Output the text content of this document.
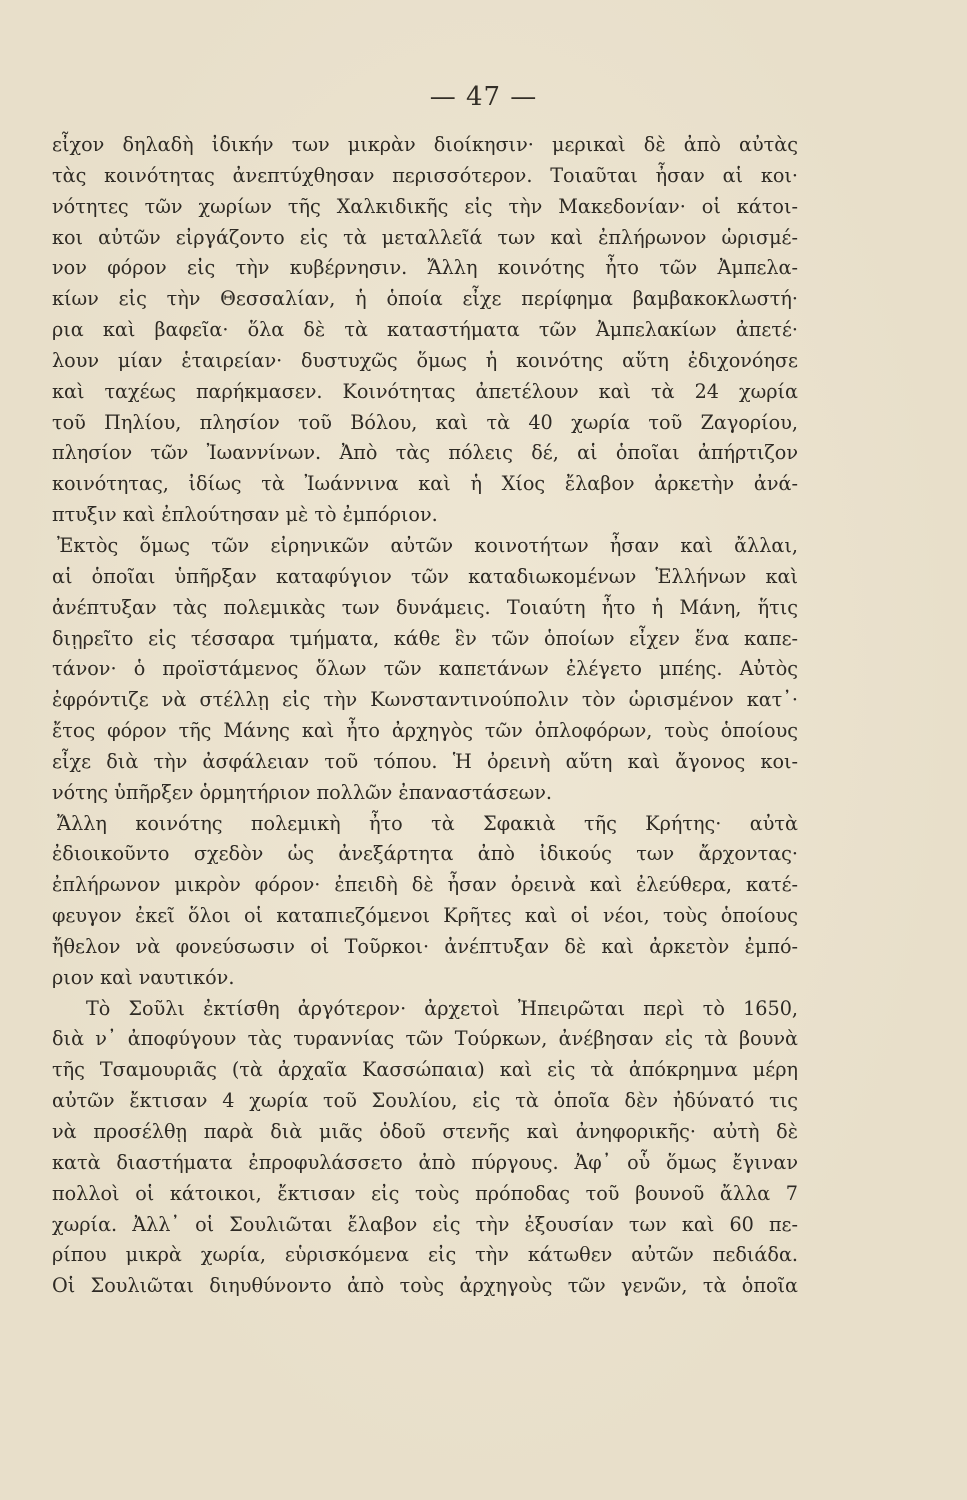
— 47 —
εἶχον δηλαδὴ ἰδικήν των μικρὰν διοίκησιν· μερικαὶ δὲ ἀπὸ αὐτὰς
τὰς κοινότητας ἀνεπτύχθησαν περισσότερον. Τοιαῦται ἦσαν αἱ κοι·
νότητες τῶν χωρίων τῆς Χαλκιδικῆς εἰς τὴν Μακεδονίαν· οἱ κάτοι-
κοι αὐτῶν εἰργάζοντο εἰς τὰ μεταλλεῖά των καὶ ἐπλήρωνον ὡρισμέ-
νον φόρον εἰς τὴν κυβέρνησιν. Ἄλλη κοινότης ἦτο τῶν Ἀμπελα-
κίων εἰς τὴν Θεσσαλίαν, ἡ ὁποία εἶχε περίφημα βαμβακοκλωστή·
ρια καὶ βαφεῖα· ὅλα δὲ τὰ καταστήματα τῶν Ἀμπελακίων ἀπετέ·
λουν μίαν ἑταιρείαν· δυστυχῶς ὅμως ἡ κοινότης αὕτη ἐδιχονόησε
καὶ ταχέως παρήκμασεν. Κοινότητας ἀπετέλουν καὶ τὰ 24 χωρία
τοῦ Πηλίου, πλησίον τοῦ Βόλου, καὶ τὰ 40 χωρία τοῦ Ζαγορίου,
πλησίον τῶν Ἰωαννίνων. Ἀπὸ τὰς πόλεις δέ, αἱ ὁποῖαι ἀπήρτιζον
κοινότητας, ἰδίως τὰ Ἰωάννινα καὶ ἡ Χίος ἔλαβον ἀρκετὴν ἀνά-
πτυξιν καὶ ἐπλούτησαν μὲ τὸ ἐμπόριον.
Ἐκτὸς ὅμως τῶν εἰρηνικῶν αὐτῶν κοινοτήτων ἦσαν καὶ ἄλλαι,
αἱ ὁποῖαι ὑπῆρξαν καταφύγιον τῶν καταδιωκομένων Ἑλλήνων καὶ
ἀνέπτυξαν τὰς πολεμικὰς των δυνάμεις. Τοιαύτη ἦτο ἡ Μάνη, ἥτις
διῃρεῖτο εἰς τέσσαρα τμήματα, κάθε ἓν τῶν ὁποίων εἶχεν ἕνα καπε-
τάνον· ὁ προϊστάμενος ὅλων τῶν καπετάνων ἐλέγετο μπέης. Αὐτὸς
ἐφρόντιζε νὰ στέλλῃ εἰς τὴν Κωνσταντινούπολιν τὸν ὡρισμένον κατ᾽·
ἔτος φόρον τῆς Μάνης καὶ ἦτο ἀρχηγὸς τῶν ὁπλοφόρων, τοὺς ὁποίους
εἶχε διὰ τὴν ἀσφάλειαν τοῦ τόπου. Ἡ ὀρεινὴ αὕτη καὶ ἄγονος κοι-
νότης ὑπῆρξεν ὁρμητήριον πολλῶν ἐπαναστάσεων.
Ἄλλη κοινότης πολεμικὴ ἦτο τὰ Σφακιὰ τῆς Κρήτης· αὐτὰ
ἐδιοικοῦντο σχεδὸν ὡς ἀνεξάρτητα ἀπὸ ἰδικούς των ἄρχοντας·
ἐπλήρωνον μικρὸν φόρον· ἐπειδὴ δὲ ἦσαν ὀρεινὰ καὶ ἐλεύθερα, κατέ-
φευγον ἐκεῖ ὅλοι οἱ καταπιεζόμενοι Κρῆτες καὶ οἱ νέοι, τοὺς ὁποίους
ἤθελον νὰ φονεύσωσιν οἱ Τοῦρκοι· ἀνέπτυξαν δὲ καὶ ἀρκετὸν ἐμπό-
ριον καὶ ναυτικόν.
Τὸ Σοῦλι ἐκτίσθη ἀργότερον· ἀρχετοὶ Ἠπειρῶται περὶ τὸ 1650,
διὰ ν᾽ ἀποφύγουν τὰς τυραννίας τῶν Τούρκων, ἀνέβησαν εἰς τὰ βουνὰ
τῆς Τσαμουριᾶς (τὰ ἀρχαῖα Κασσώπαια) καὶ εἰς τὰ ἀπόκρημνα μέρη
αὐτῶν ἔκτισαν 4 χωρία τοῦ Σουλίου, εἰς τὰ ὁποῖα δὲν ἠδύνατό τις
νὰ προσέλθῃ παρὰ διὰ μιᾶς ὁδοῦ στενῆς καὶ ἀνηφορικῆς· αὐτὴ δὲ
κατὰ διαστήματα ἐπροφυλάσσετο ἀπὸ πύργους. Ἀφ᾽ οὗ ὅμως ἔγιναν
πολλοὶ οἱ κάτοικοι, ἔκτισαν εἰς τοὺς πρόποδας τοῦ βουνοῦ ἄλλα 7
χωρία. Ἀλλ᾽ οἱ Σουλιῶται ἔλαβον εἰς τὴν ἐξουσίαν των καὶ 60 πε-
ρίπου μικρὰ χωρία, εὑρισκόμενα εἰς τὴν κάτωθεν αὐτῶν πεδιάδα.
Οἱ Σουλιῶται διηυθύνοντο ἀπὸ τοὺς ἀρχηγοὺς τῶν γενῶν, τὰ ὁποῖα
